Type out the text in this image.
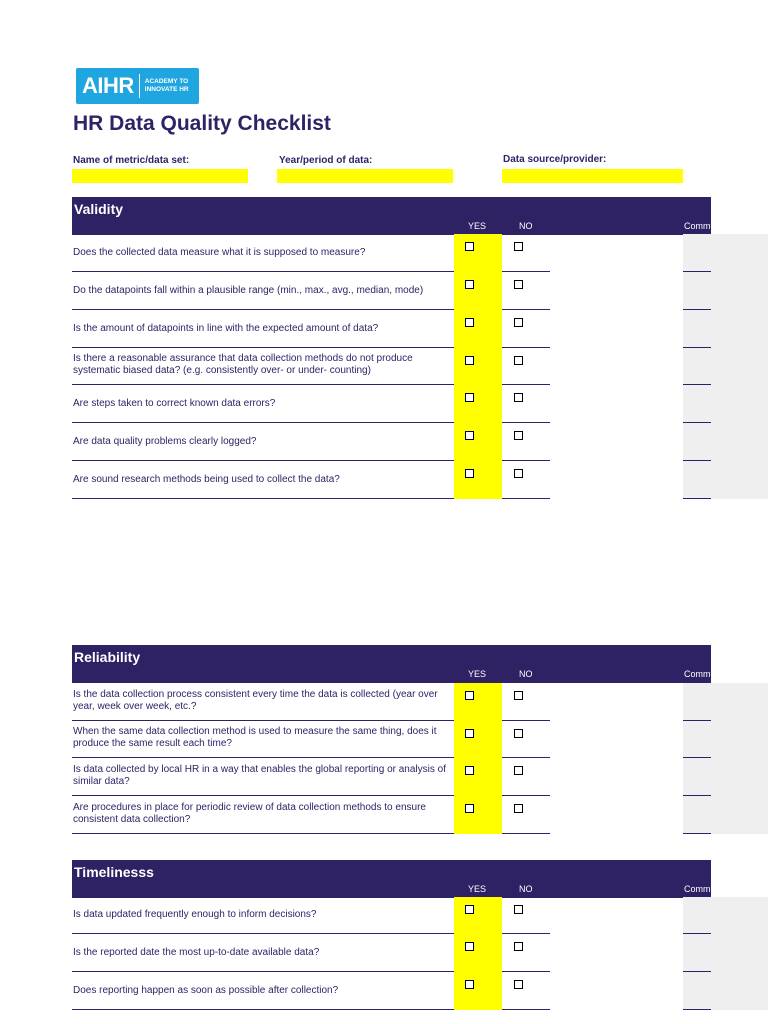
AIHR ACADEMY TO
INNOVATE HR
HR Data Quality Checklist
Name of metric/data set:	Year/period of data:	Data source/provider:
Validity
YES	NO	Comm
Does the collected data measure what it is supposed to measure?
Do the datapoints fall within a plausible range (min., max., avg., median, mode)
Is the amount of datapoints in line with the expected amount of data?
Is there a reasonable assurance that data collection methods do not produce systematic biased data? (e.g. consistently over- or under- counting)
Are steps taken to correct known data errors?
Are data quality problems clearly logged?
Are sound research methods being used to collect the data?
Reliability
YES	NO	Comm
Is the data collection process consistent every time the data is collected (year over year, week over week, etc.?
When the same data collection method is used to measure the same thing, does it produce the same result each time?
Is data collected by local HR in a way that enables the global reporting or analysis of similar data?
Are procedures in place for periodic review of data collection methods to ensure consistent data collection?
Timelinesss
YES	NO	Comm
Is data updated frequently enough to inform decisions?
Is the reported date the most up-to-date available data?
Does reporting happen as soon as possible after collection?
